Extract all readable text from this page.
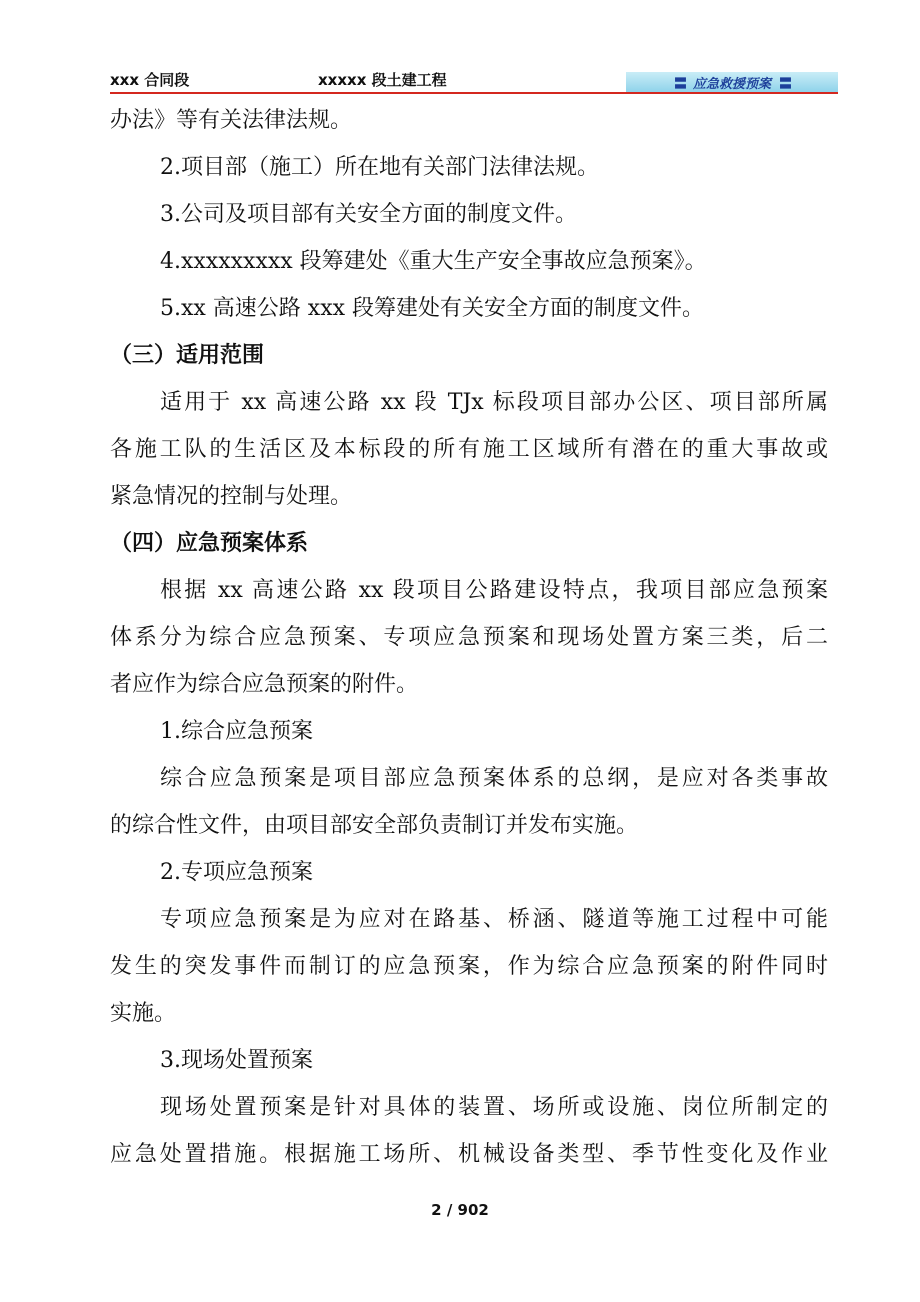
xxx 合同段	xxxxx 段土建工程	〓 应急救援预案 〓
办法》等有关法律法规。
2.项目部（施工）所在地有关部门法律法规。
3.公司及项目部有关安全方面的制度文件。
4.xxxxxxxxx 段筹建处《重大生产安全事故应急预案》。
5.xx 高速公路 xxx 段筹建处有关安全方面的制度文件。
（三）适用范围
适用于 xx 高速公路 xx 段 TJx 标段项目部办公区、项目部所属
各施工队的生活区及本标段的所有施工区域所有潜在的重大事故或
紧急情况的控制与处理。
（四）应急预案体系
根据 xx 高速公路 xx 段项目公路建设特点，我项目部应急预案
体系分为综合应急预案、专项应急预案和现场处置方案三类，后二
者应作为综合应急预案的附件。
1.综合应急预案
综合应急预案是项目部应急预案体系的总纲，是应对各类事故
的综合性文件，由项目部安全部负责制订并发布实施。
2.专项应急预案
专项应急预案是为应对在路基、桥涵、隧道等施工过程中可能
发生的突发事件而制订的应急预案，作为综合应急预案的附件同时
实施。
3.现场处置预案
现场处置预案是针对具体的装置、场所或设施、岗位所制定的
应急处置措施。根据施工场所、机械设备类型、季节性变化及作业
2 / 902
